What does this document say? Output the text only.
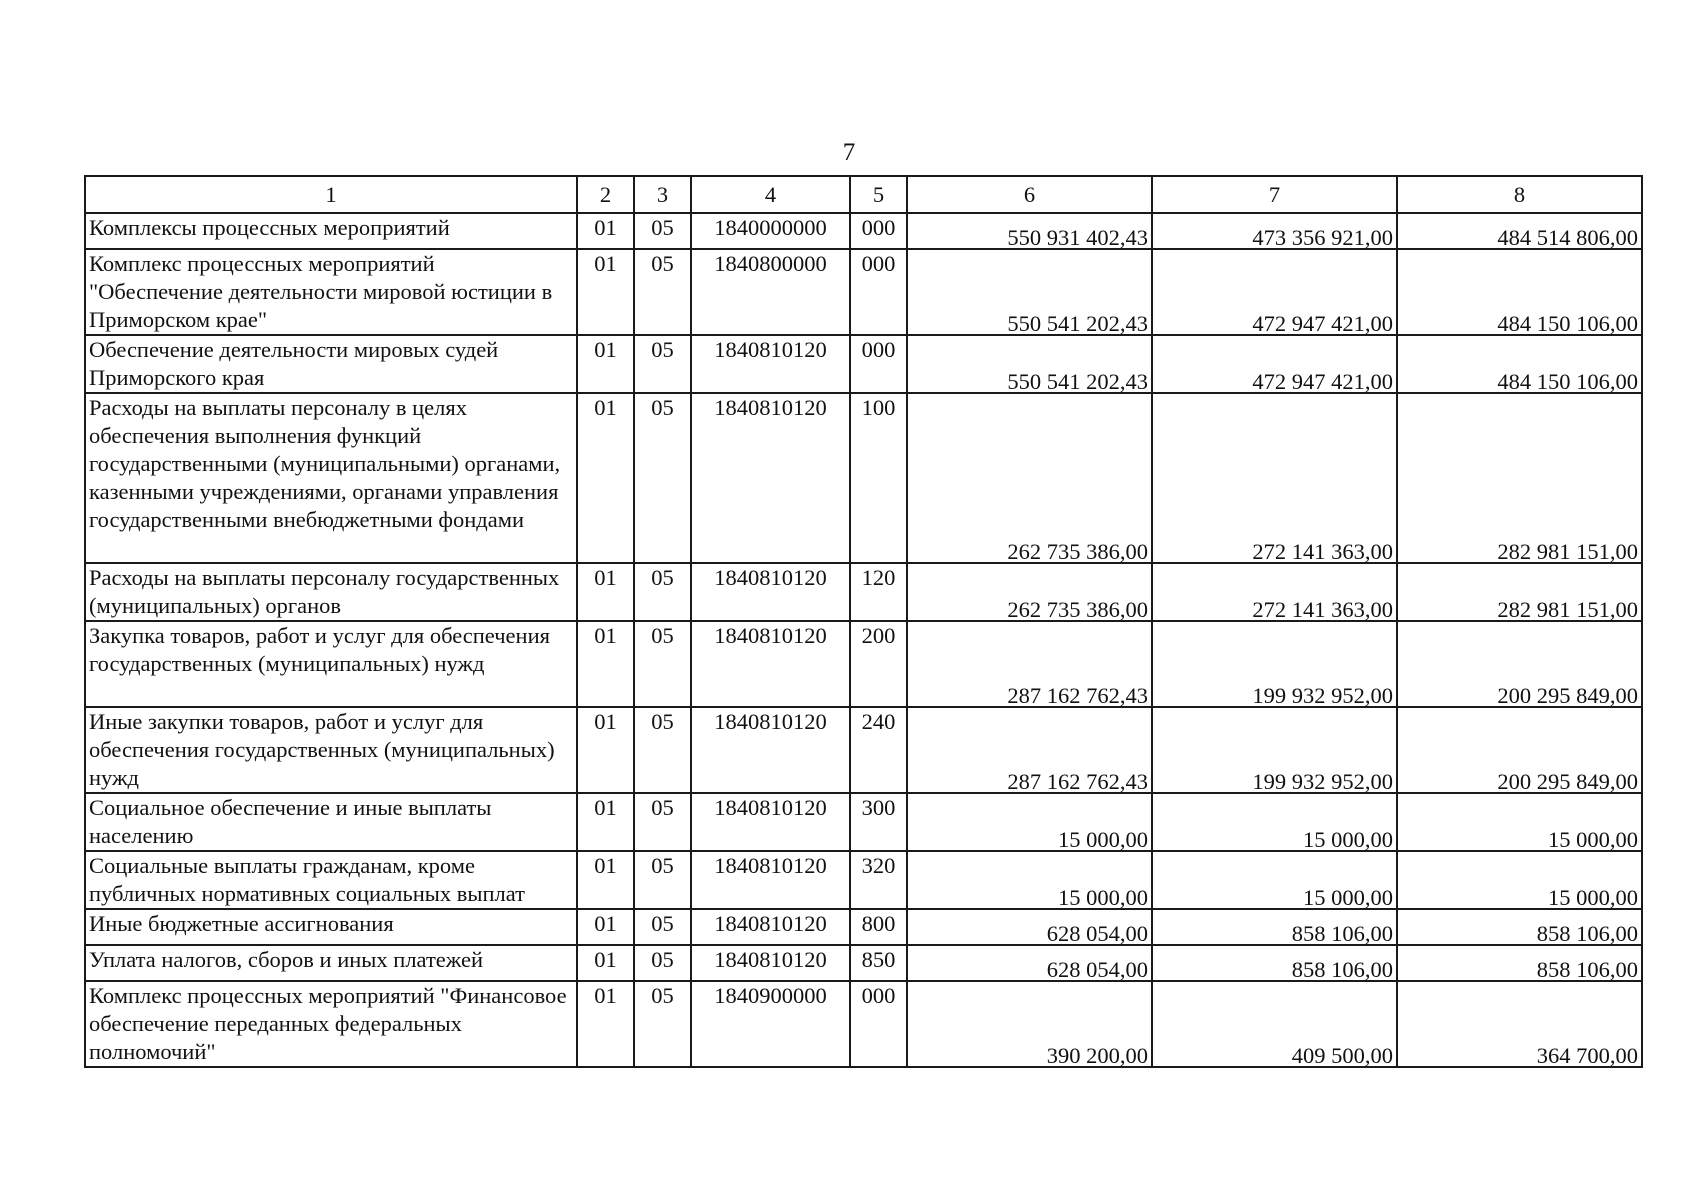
7
1	2	3	4	5	6	7	8
Комплексы процессных мероприятий	01	05	1840000000	000	550 931 402,43	473 356 921,00	484 514 806,00
Комплекс процессных мероприятий "Обеспечение деятельности мировой юстиции в Приморском крае"	01	05	1840800000	000	550 541 202,43	472 947 421,00	484 150 106,00
Обеспечение деятельности мировых судей Приморского края	01	05	1840810120	000	550 541 202,43	472 947 421,00	484 150 106,00
Расходы на выплаты персоналу в целях обеспечения выполнения функций государственными (муниципальными) органами, казенными учреждениями, органами управления государственными внебюджетными фондами	01	05	1840810120	100	262 735 386,00	272 141 363,00	282 981 151,00
Расходы на выплаты персоналу государственных (муниципальных) органов	01	05	1840810120	120	262 735 386,00	272 141 363,00	282 981 151,00
Закупка товаров, работ и услуг для обеспечения государственных (муниципальных) нужд	01	05	1840810120	200	287 162 762,43	199 932 952,00	200 295 849,00
Иные закупки товаров, работ и услуг для обеспечения государственных (муниципальных) нужд	01	05	1840810120	240	287 162 762,43	199 932 952,00	200 295 849,00
Социальное обеспечение и иные выплаты населению	01	05	1840810120	300	15 000,00	15 000,00	15 000,00
Социальные выплаты гражданам, кроме публичных нормативных социальных выплат	01	05	1840810120	320	15 000,00	15 000,00	15 000,00
Иные бюджетные ассигнования	01	05	1840810120	800	628 054,00	858 106,00	858 106,00
Уплата налогов, сборов и иных платежей	01	05	1840810120	850	628 054,00	858 106,00	858 106,00
Комплекс процессных мероприятий "Финансовое обеспечение переданных федеральных полномочий"	01	05	1840900000	000	390 200,00	409 500,00	364 700,00
